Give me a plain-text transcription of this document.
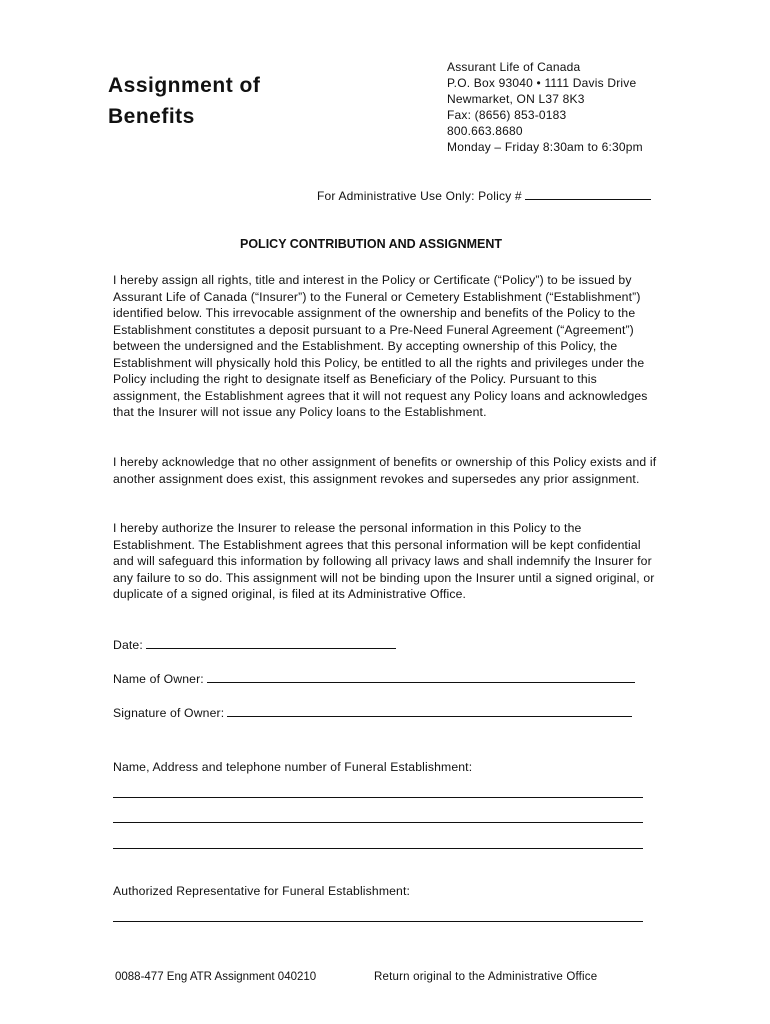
Assignment of
Benefits
Assurant Life of Canada
P.O. Box 93040 • 1111 Davis Drive
Newmarket, ON L37 8K3
Fax: (8656) 853-0183
800.663.8680
Monday – Friday 8:30am to 6:30pm
For Administrative Use Only: Policy #
POLICY CONTRIBUTION AND ASSIGNMENT
I hereby assign all rights, title and interest in the Policy or Certificate (“Policy”) to be issued by Assurant Life of Canada (“Insurer”) to the Funeral or Cemetery Establishment (“Establishment”) identified below. This irrevocable assignment of the ownership and benefits of the Policy to the Establishment constitutes a deposit pursuant to a Pre-Need Funeral Agreement (“Agreement”) between the undersigned and the Establishment. By accepting ownership of this Policy, the Establishment will physically hold this Policy, be entitled to all the rights and privileges under the Policy including the right to designate itself as Beneficiary of the Policy. Pursuant to this assignment, the Establishment agrees that it will not request any Policy loans and acknowledges that the Insurer will not issue any Policy loans to the Establishment.
I hereby acknowledge that no other assignment of benefits or ownership of this Policy exists and if another assignment does exist, this assignment revokes and supersedes any prior assignment.
I hereby authorize the Insurer to release the personal information in this Policy to the Establishment. The Establishment agrees that this personal information will be kept confidential and will safeguard this information by following all privacy laws and shall indemnify the Insurer for any failure to so do. This assignment will not be binding upon the Insurer until a signed original, or duplicate of a signed original, is filed at its Administrative Office.
Date:
Name of Owner:
Signature of Owner:
Name, Address and telephone number of Funeral Establishment:
Authorized Representative for Funeral Establishment:
0088-477 Eng ATR Assignment 040210	Return original to the Administrative Office
